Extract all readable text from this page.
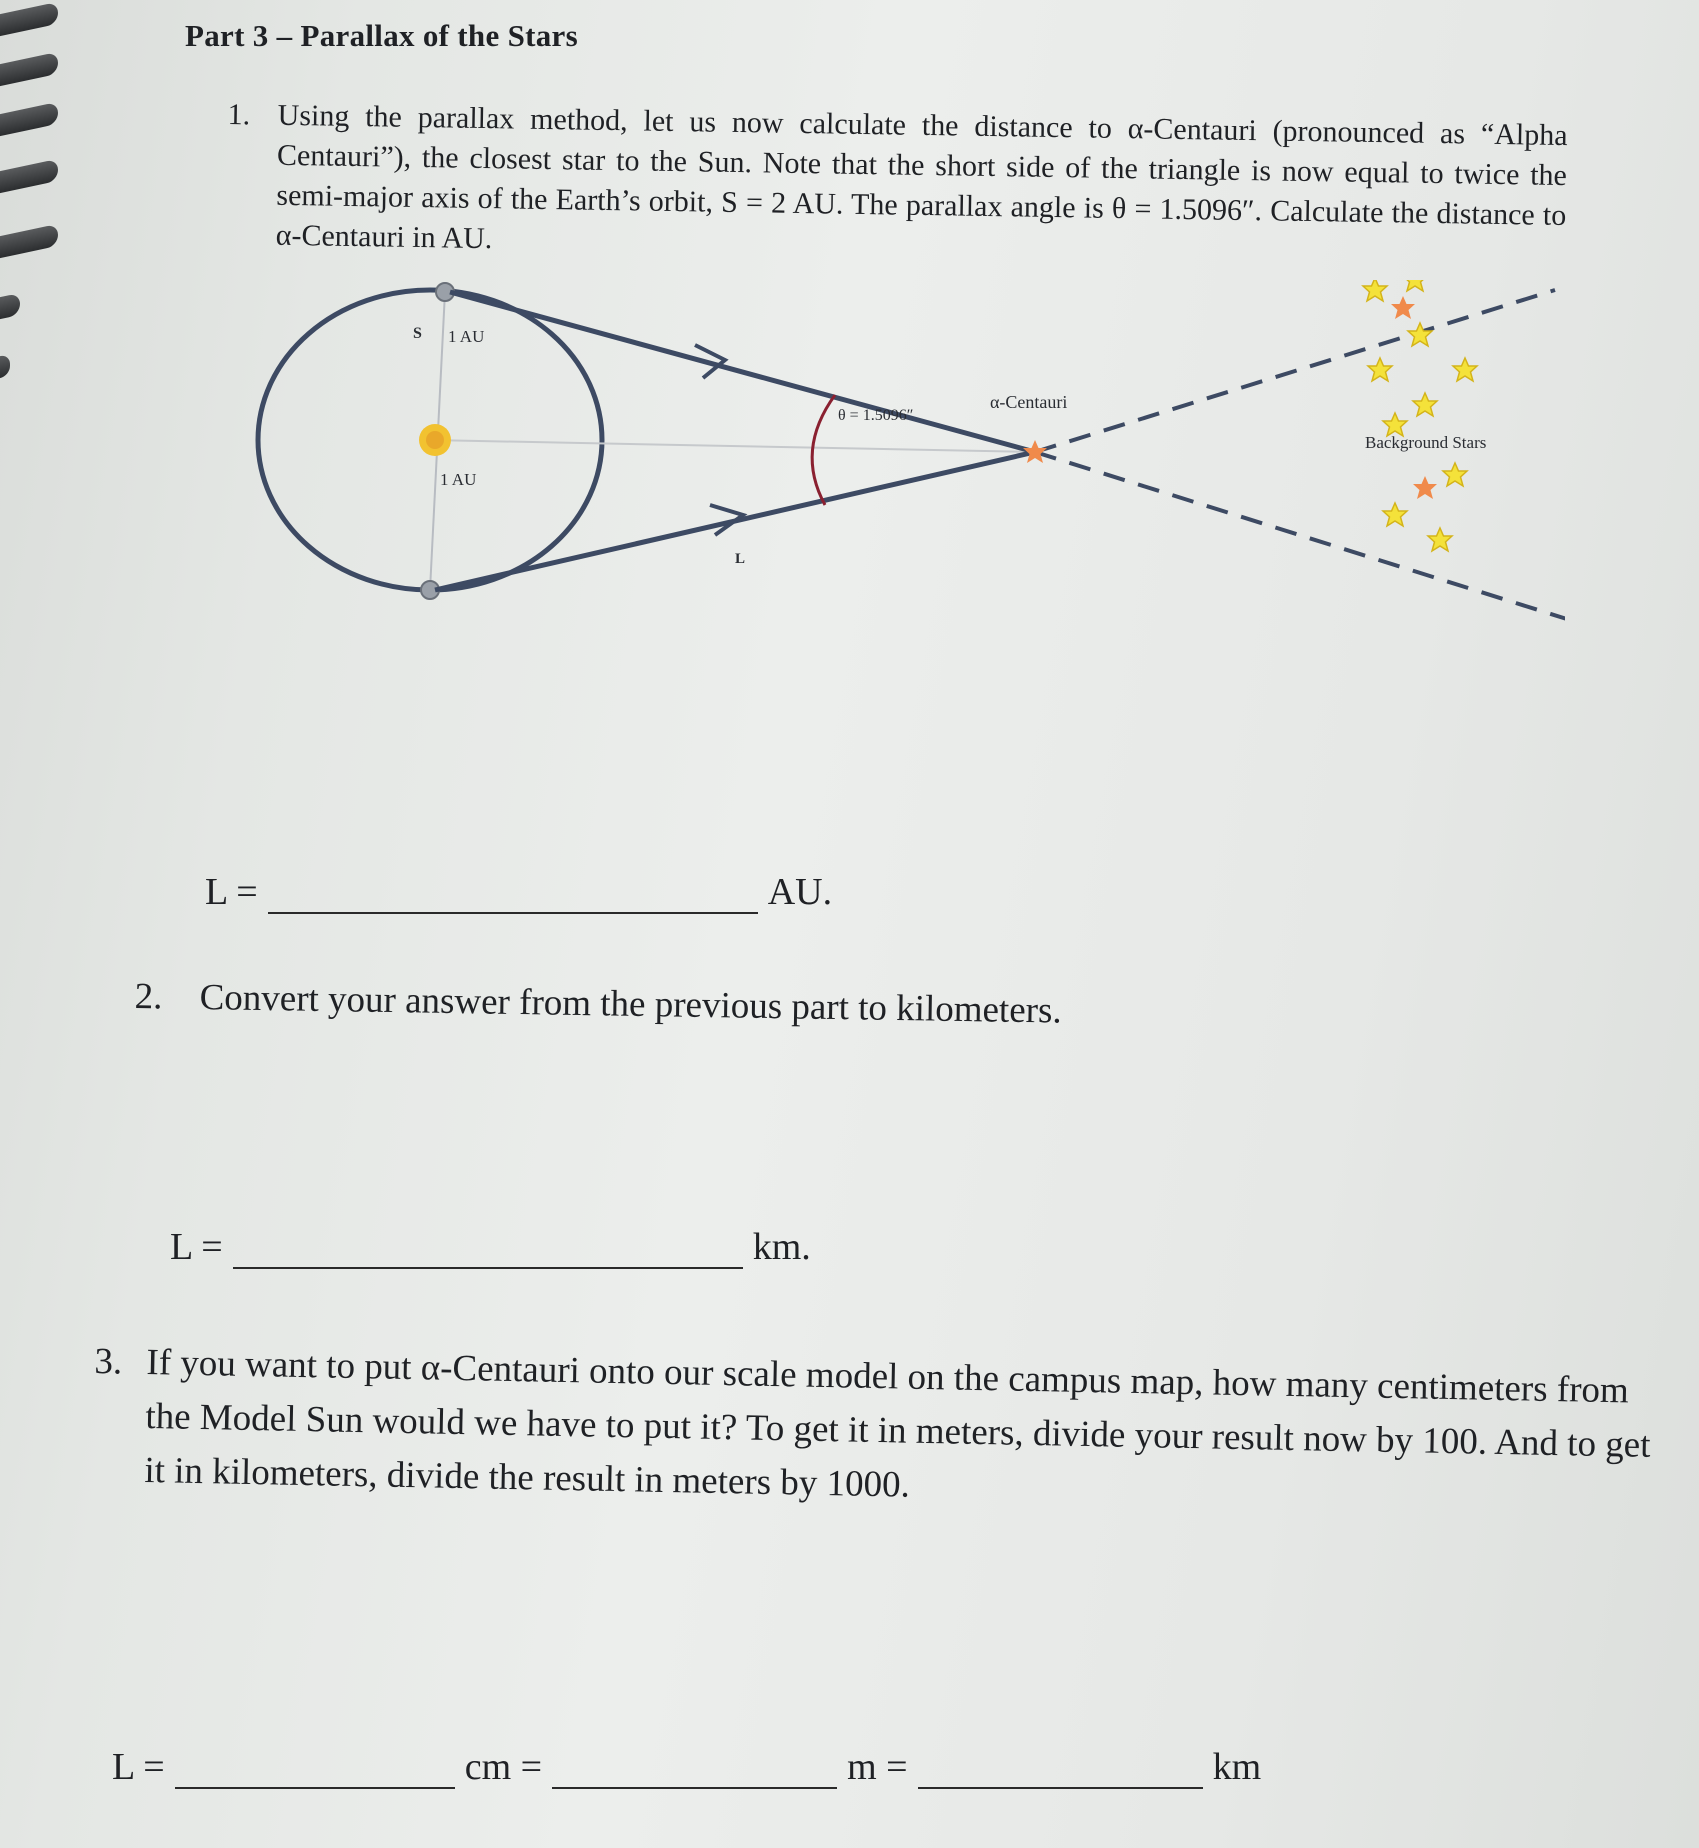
Part 3 – Parallax of the Stars
1. Using the parallax method, let us now calculate the distance to α-Centauri (pronounced as “Alpha Centauri”), the closest star to the Sun. Note that the short side of the triangle is now equal to twice the semi-major axis of the Earth’s orbit, S = 2 AU. The parallax angle is θ = 1.5096″. Calculate the distance to α-Centauri in AU.
S 1 AU
1 AU
θ = 1.5096″
α-Centauri
L
Background Stars
L =	AU.
2. Convert your answer from the previous part to kilometers.
L =	km.
3. If you want to put α-Centauri onto our scale model on the campus map, how many centimeters from the Model Sun would we have to put it? To get it in meters, divide your result now by 100. And to get it in kilometers, divide the result in meters by 1000.
L =	cm =	m =	km
